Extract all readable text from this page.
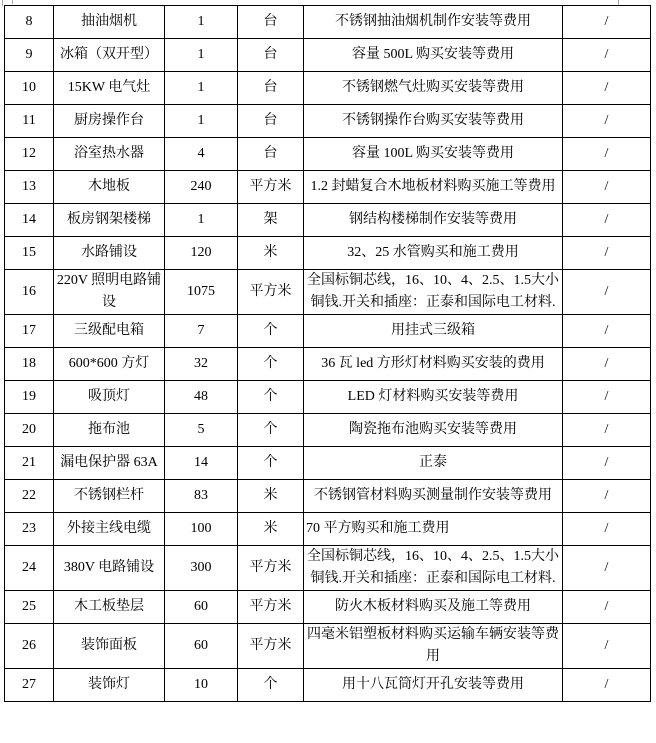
8	抽油烟机	1	台	不锈钢抽油烟机制作安装等费用	/
9	冰箱（双开型）	1	台	容量 500L 购买安装等费用	/
10	15KW 电气灶	1	台	不锈钢燃气灶购买安装等费用	/
11	厨房操作台	1	台	不锈钢操作台购买安装等费用	/
12	浴室热水器	4	台	容量 100L 购买安装等费用	/
13	木地板	240	平方米	1.2 封蜡复合木地板材料购买施工等费用	/
14	板房钢架楼梯	1	架	钢结构楼梯制作安装等费用	/
15	水路铺设	120	米	32、25 水管购买和施工费用	/
16	220V 照明电路铺设	1075	平方米	全国标铜芯线，16、10、4、2.5、1.5大小铜钱.开关和插座：正泰和国际电工材料.	/
17	三级配电箱	7	个	用挂式三级箱	/
18	600*600 方灯	32	个	36 瓦 led 方形灯材料购买安装的费用	/
19	吸顶灯	48	个	LED 灯材料购买安装等费用	/
20	拖布池	5	个	陶瓷拖布池购买安装等费用	/
21	漏电保护器 63A	14	个	正泰	/
22	不锈钢栏杆	83	米	不锈钢管材料购买测量制作安装等费用	/
23	外接主线电缆	100	米	70 平方购买和施工费用	/
24	380V 电路铺设	300	平方米	全国标铜芯线，16、10、4、2.5、1.5大小铜钱.开关和插座：正泰和国际电工材料.	/
25	木工板垫层	60	平方米	防火木板材料购买及施工等费用	/
26	装饰面板	60	平方米	四毫米铝塑板材料购买运输车辆安装等费用	/
27	装饰灯	10	个	用十八瓦筒灯开孔安装等费用	/
